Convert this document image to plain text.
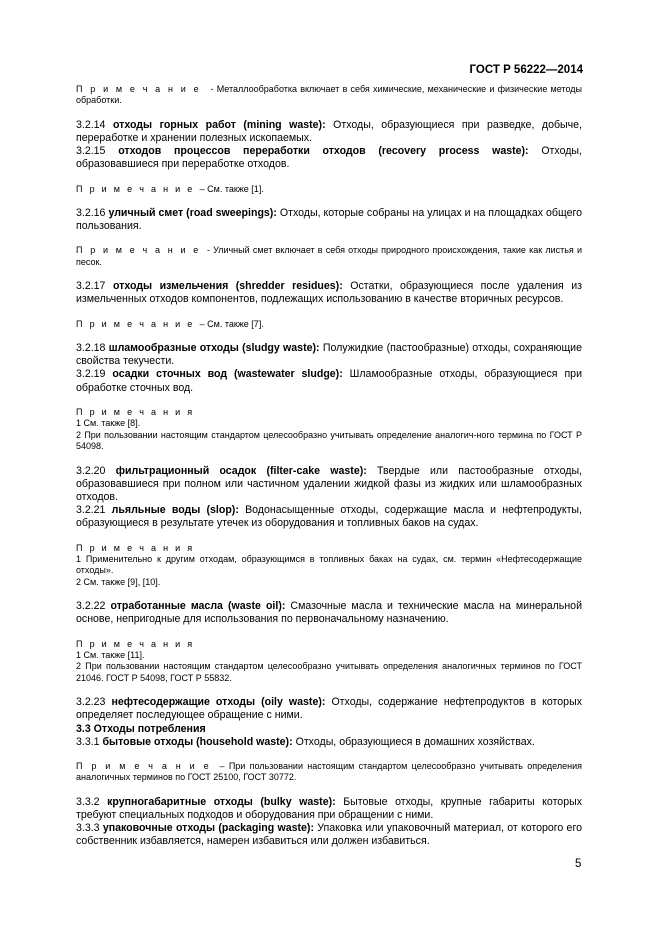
ГОСТ Р 56222—2014

П р и м е ч а н и е - Металлообработка включает в себя химические, механические и физические методы обработки.

3.2.14 отходы горных работ (mining waste): Отходы, образующиеся при разведке, добыче, переработке и хранении полезных ископаемых.

3.2.15 отходов процессов переработки отходов (recovery process waste): Отходы, образовавшиеся при переработке отходов.

П р и м е ч а н и е – См. также [1].

3.2.16 уличный смет (road sweepings): Отходы, которые собраны на улицах и на площадках общего пользования.

П р и м е ч а н и е - Уличный смет включает в себя отходы природного происхождения, такие как листья и песок.

3.2.17 отходы измельчения (shredder residues): Остатки, образующиеся после удаления из измельченных отходов компонентов, подлежащих использованию в качестве вторичных ресурсов.

П р и м е ч а н и е – См. также [7].

3.2.18 шламообразные отходы (sludgy waste): Полужидкие (пастообразные) отходы, сохраняющие свойства текучести.

3.2.19 осадки сточных вод (wastewater sludge): Шламообразные отходы, образующиеся при обработке сточных вод.

П р и м е ч а н и я
1 См. также [8].
2 При пользовании настоящим стандартом целесообразно учитывать определение аналогич-ного термина по ГОСТ Р 54098.

3.2.20 фильтрационный осадок (filter-cake waste): Твердые или пастообразные отходы, образовавшиеся при полном или частичном удалении жидкой фазы из жидких или шламообразных отходов.

3.2.21 льяльные воды (slop): Водонасыщенные отходы, содержащие масла и нефтепродукты, образующиеся в результате утечек из оборудования и топливных баков на судах.

П р и м е ч а н и я
1 Применительно к другим отходам, образующимся в топливных баках на судах, см. термин «Нефтесодержащие отходы».
2 См. также [9], [10].

3.2.22 отработанные масла (waste oil): Смазочные масла и технические масла на минеральной основе, непригодные для использования по первоначальному назначению.

П р и м е ч а н и я
1 См. также [11].
2 При пользовании настоящим стандартом целесообразно учитывать определения аналогичных терминов по ГОСТ 21046. ГОСТ Р 54098, ГОСТ Р 55832.

3.2.23 нефтесодержащие отходы (oily waste): Отходы, содержание нефтепродуктов в которых определяет последующее обращение с ними.

3.3 Отходы потребления

3.3.1 бытовые отходы (household waste): Отходы, образующиеся в домашних хозяйствах.

П р и м е ч а н и е – При пользовании настоящим стандартом целесообразно учитывать определения аналогичных терминов по ГОСТ 25100, ГОСТ 30772.

3.3.2 крупногабаритные отходы (bulky waste): Бытовые отходы, крупные габариты которых требуют специальных подходов и оборудования при обращении с ними.

3.3.3 упаковочные отходы (packaging waste): Упаковка или упаковочный материал, от которого его собственник избавляется, намерен избавиться или должен избавиться.

5
